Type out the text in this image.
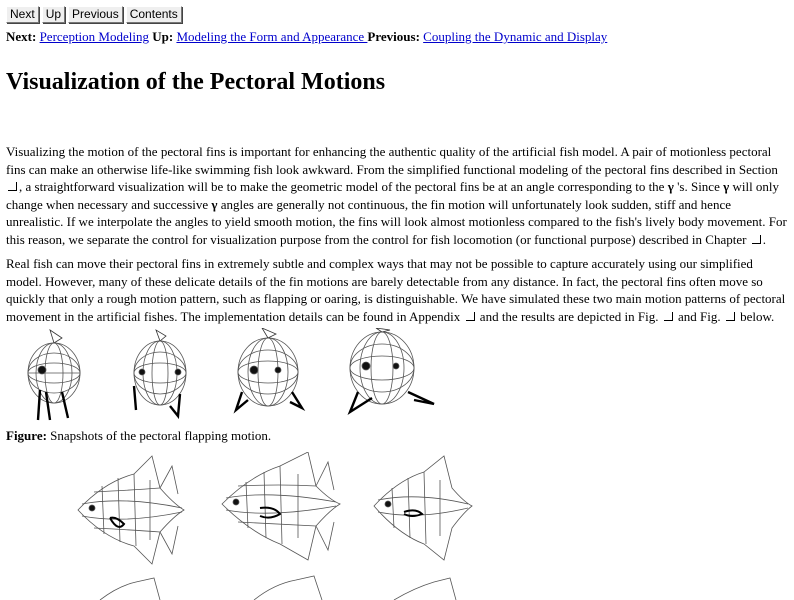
Next Up Previous Contents
Next: Perception Modeling Up: Modeling the Form and Appearance Previous: Coupling the Dynamic and Display
Visualization of the Pectoral Motions

Visualizing the motion of the pectoral fins is important for enhancing the authentic quality of the artificial fish model. A pair of motionless pectoral fins can make an otherwise life-like swimming fish look awkward. From the simplified functional modeling of the pectoral fins described in Section , a straightforward visualization will be to make the geometric model of the pectoral fins be at an angle corresponding to the γ 's. Since γ will only change when necessary and successive γ angles are generally not continuous, the fin motion will unfortunately look sudden, stiff and hence unrealistic. If we interpolate the angles to yield smooth motion, the fins will look almost motionless compared to the fish's lively body movement. For this reason, we separate the control for visualization purpose from the control for fish locomotion (or functional purpose) described in Chapter .

Real fish can move their pectoral fins in extremely subtle and complex ways that may not be possible to capture accurately using our simplified model. However, many of these delicate details of the fin motions are barely detectable from any distance. In fact, the pectoral fins often move so quickly that only a rough motion pattern, such as flapping or oaring, is distinguishable. We have simulated these two main motion patterns of pectoral movement in the artificial fishes. The implementation details can be found in Appendix  and the results are depicted in Fig.  and Fig.  below.

Figure: Snapshots of the pectoral flapping motion.
